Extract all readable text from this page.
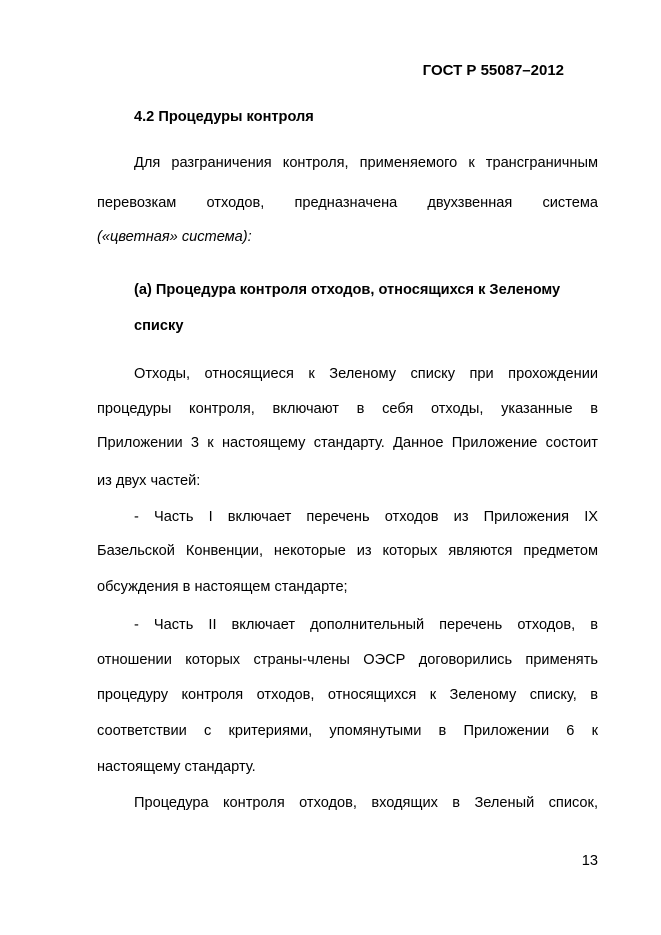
ГОСТ Р 55087–2012
4.2 Процедуры контроля
Для разграничения контроля, применяемого к трансграничным
перевозкам отходов, предназначена двухзвенная система
(«цветная» система):
(а) Процедура контроля отходов, относящихся к Зеленому
списку
Отходы, относящиеся к Зеленому списку при прохождении
процедуры контроля, включают в себя отходы, указанные в
Приложении 3 к настоящему стандарту. Данное Приложение состоит
из двух частей:
- Часть I включает перечень отходов из Приложения IX
Базельской Конвенции, некоторые из которых являются предметом
обсуждения в настоящем стандарте;
- Часть II включает дополнительный перечень отходов, в
отношении которых страны-члены ОЭСР договорились применять
процедуру контроля отходов, относящихся к Зеленому списку, в
соответствии с критериями, упомянутыми в Приложении 6 к
настоящему стандарту.
Процедура контроля отходов, входящих в Зеленый список,
13
